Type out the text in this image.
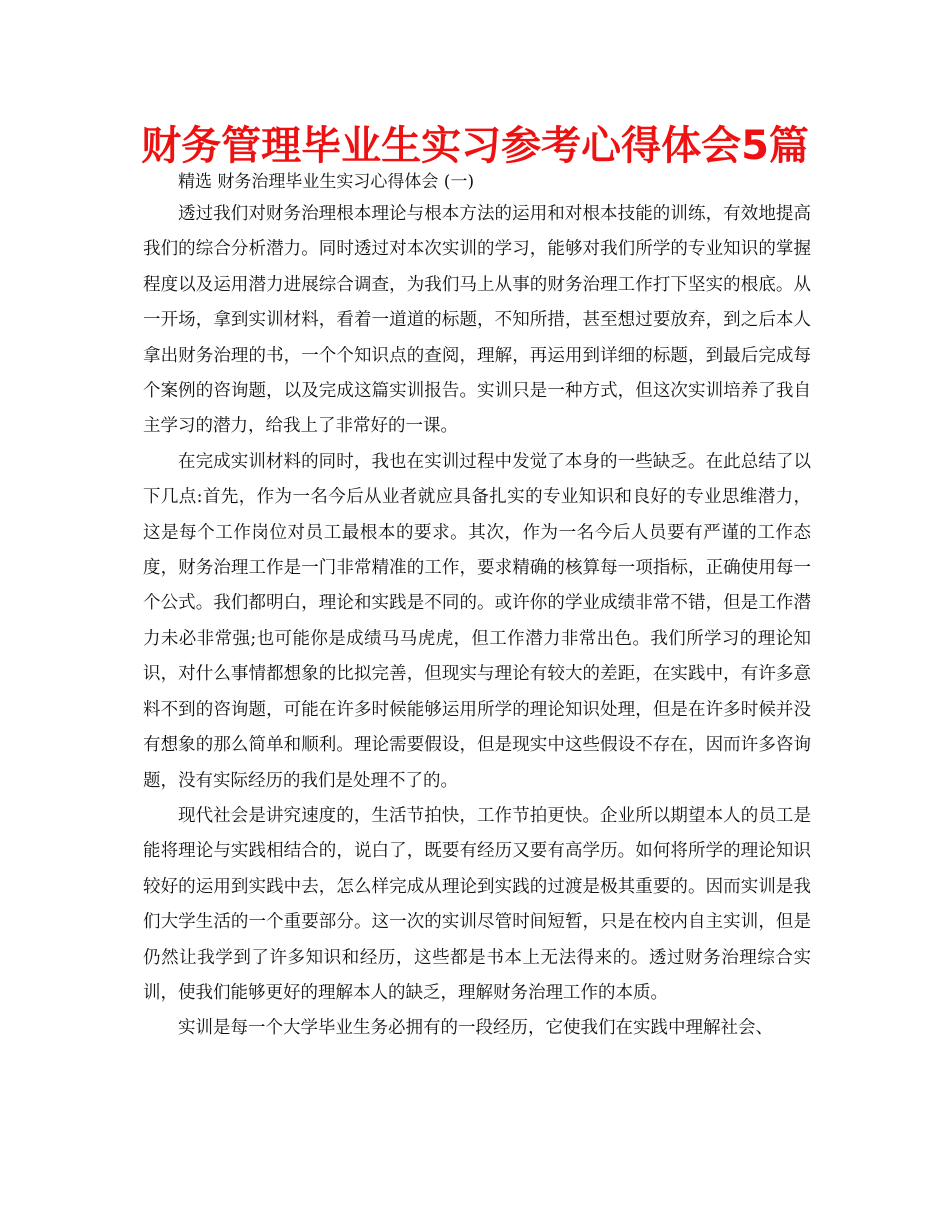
财务管理毕业生实习参考心得体会5篇

精选 财务治理毕业生实习心得体会 (一)

透过我们对财务治理根本理论与根本方法的运用和对根本技能的训练，有效地提高我们的综合分析潜力。同时透过对本次实训的学习，能够对我们所学的专业知识的掌握程度以及运用潜力进展综合调查，为我们马上从事的财务治理工作打下坚实的根底。从一开场，拿到实训材料，看着一道道的标题，不知所措，甚至想过要放弃，到之后本人拿出财务治理的书，一个个知识点的查阅，理解，再运用到详细的标题，到最后完成每个案例的咨询题，以及完成这篇实训报告。实训只是一种方式，但这次实训培养了我自主学习的潜力，给我上了非常好的一课。

在完成实训材料的同时，我也在实训过程中发觉了本身的一些缺乏。在此总结了以下几点:首先，作为一名今后从业者就应具备扎实的专业知识和良好的专业思维潜力，这是每个工作岗位对员工最根本的要求。其次，作为一名今后人员要有严谨的工作态度，财务治理工作是一门非常精准的工作，要求精确的核算每一项指标，正确使用每一个公式。我们都明白，理论和实践是不同的。或许你的学业成绩非常不错，但是工作潜力未必非常强;也可能你是成绩马马虎虎，但工作潜力非常出色。我们所学习的理论知识，对什么事情都想象的比拟完善，但现实与理论有较大的差距，在实践中，有许多意料不到的咨询题，可能在许多时候能够运用所学的理论知识处理，但是在许多时候并没有想象的那么简单和顺利。理论需要假设，但是现实中这些假设不存在，因而许多咨询题，没有实际经历的我们是处理不了的。

现代社会是讲究速度的，生活节拍快，工作节拍更快。企业所以期望本人的员工是能将理论与实践相结合的，说白了，既要有经历又要有高学历。如何将所学的理论知识较好的运用到实践中去，怎么样完成从理论到实践的过渡是极其重要的。因而实训是我们大学生活的一个重要部分。这一次的实训尽管时间短暂，只是在校内自主实训，但是仍然让我学到了许多知识和经历，这些都是书本上无法得来的。透过财务治理综合实训，使我们能够更好的理解本人的缺乏，理解财务治理工作的本质。

实训是每一个大学毕业生务必拥有的一段经历，它使我们在实践中理解社会、
